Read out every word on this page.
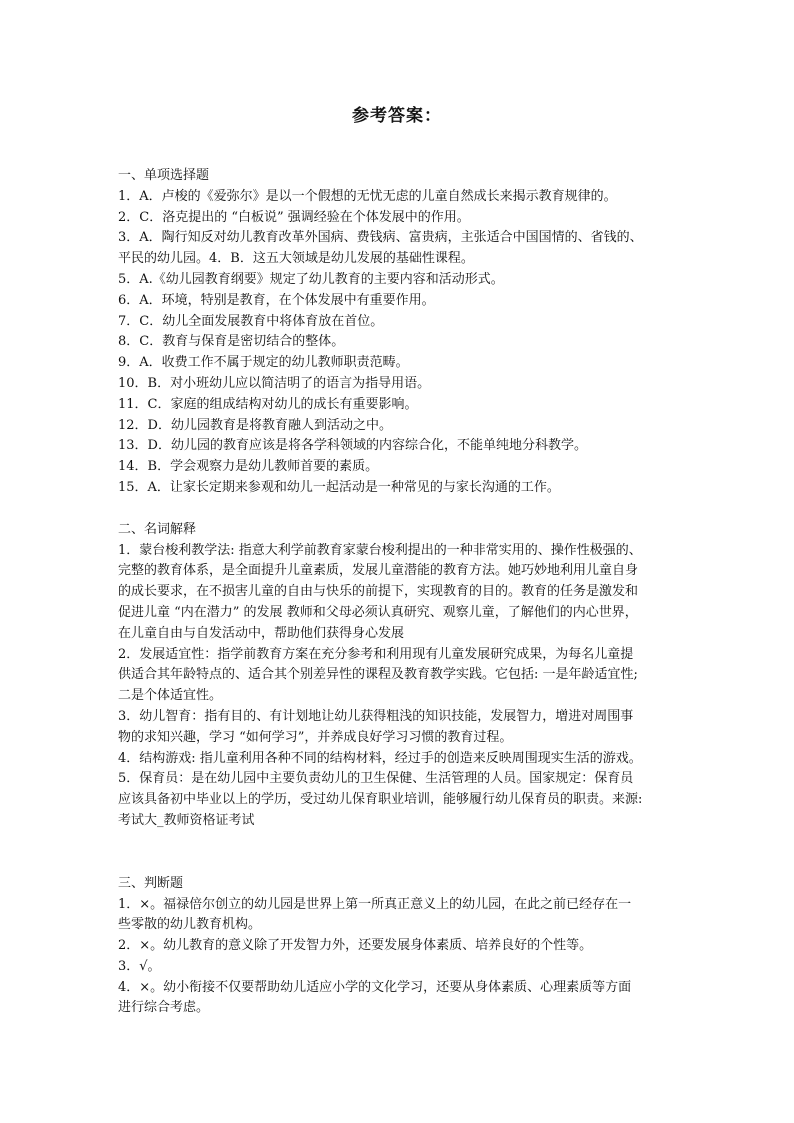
参考答案：

一、单项选择题

1．A．卢梭的《爱弥尔》是以一个假想的无忧无虑的儿童自然成长来揭示教育规律的。

2．C．洛克提出的 “白板说” 强调经验在个体发展中的作用。

3．A．陶行知反对幼儿教育改革外国病、费钱病、富贵病，主张适合中国国情的、省钱的、

平民的幼儿园。4．B．这五大领域是幼儿发展的基础性课程。

5．A.《幼儿园教育纲要》规定了幼儿教育的主要内容和活动形式。

6．A．环境，特别是教育，在个体发展中有重要作用。

7．C．幼儿全面发展教育中将体育放在首位。

8．C．教育与保育是密切结合的整体。

9．A．收费工作不属于规定的幼儿教师职责范畴。

10．B．对小班幼儿应以简洁明了的语言为指导用语。

11．C．家庭的组成结构对幼儿的成长有重要影响。

12．D．幼儿园教育是将教育融人到活动之中。

13．D．幼儿园的教育应该是将各学科领域的内容综合化，不能单纯地分科教学。

14．B．学会观察力是幼儿教师首要的素质。

15．A．让家长定期来参观和幼儿一起活动是一种常见的与家长沟通的工作。

二、名词解释

1．蒙台梭利教学法: 指意大利学前教育家蒙台梭利提出的一种非常实用的、操作性极强的、

完整的教育体系，是全面提升儿童素质，发展儿童潜能的教育方法。她巧妙地利用儿童自身

的成长要求，在不损害儿童的自由与快乐的前提下，实现教育的目的。教育的任务是激发和

促进儿童 “内在潜力” 的发展 教师和父母必须认真研究、观察儿童，了解他们的内心世界，

在儿童自由与自发活动中，帮助他们获得身心发展

2．发展适宜性：指学前教育方案在充分参考和利用现有儿童发展研究成果，为每名儿童提

供适合其年龄特点的、适合其个别差异性的课程及教育教学实践。它包括: 一是年龄适宜性;

二是个体适宜性。

3．幼儿智育：指有目的、有计划地让幼儿获得粗浅的知识技能，发展智力，增进对周围事

物的求知兴趣，学习 “如何学习”，并养成良好学习习惯的教育过程。

4．结构游戏: 指儿童利用各种不同的结构材料，经过手的创造来反映周围现实生活的游戏。

5．保育员：是在幼儿园中主要负责幼儿的卫生保健、生活管理的人员。国家规定：保育员

应该具备初中毕业以上的学历，受过幼儿保育职业培训，能够履行幼儿保育员的职责。来源:

考试大_教师资格证考试

三、判断题

1．×。福禄倍尔创立的幼儿园是世界上第一所真正意义上的幼儿园，在此之前已经存在一

些零散的幼儿教育机构。

2．×。幼儿教育的意义除了开发智力外，还要发展身体素质、培养良好的个性等。

3．√。

4．×。幼小衔接不仅要帮助幼儿适应小学的文化学习，还要从身体素质、心理素质等方面

进行综合考虑。
